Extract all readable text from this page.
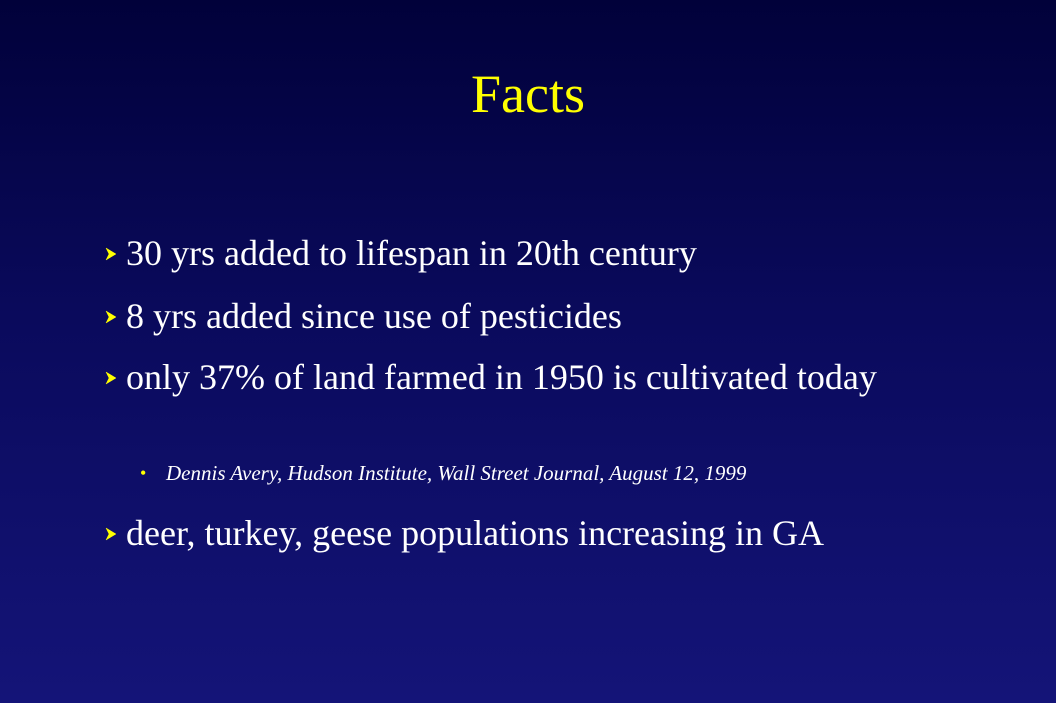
Facts
30 yrs added to lifespan in 20th century
8 yrs added since use of pesticides
only 37% of land farmed in 1950 is cultivated today
• Dennis Avery, Hudson Institute, Wall Street Journal, August 12, 1999
deer, turkey, geese populations increasing in GA
